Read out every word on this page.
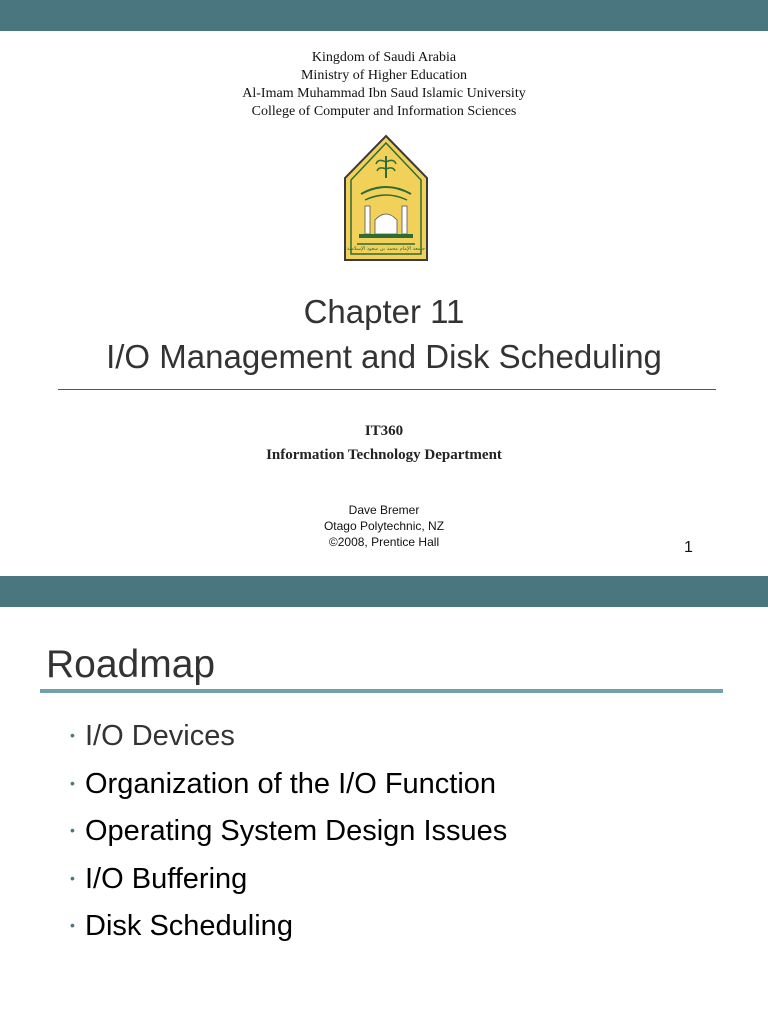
Kingdom of Saudi Arabia
Ministry of Higher Education
Al-Imam Muhammad Ibn Saud Islamic University
College of Computer and Information Sciences
جامعة الإمام محمد بن سعود الإسلامية
Chapter 11
I/O Management and Disk Scheduling
IT360
Information Technology Department
Dave Bremer
Otago Polytechnic, NZ
©2008, Prentice Hall	1
Roadmap
• I/O Devices
• Organization of the I/O Function
• Operating System Design Issues
• I/O Buffering
• Disk Scheduling
